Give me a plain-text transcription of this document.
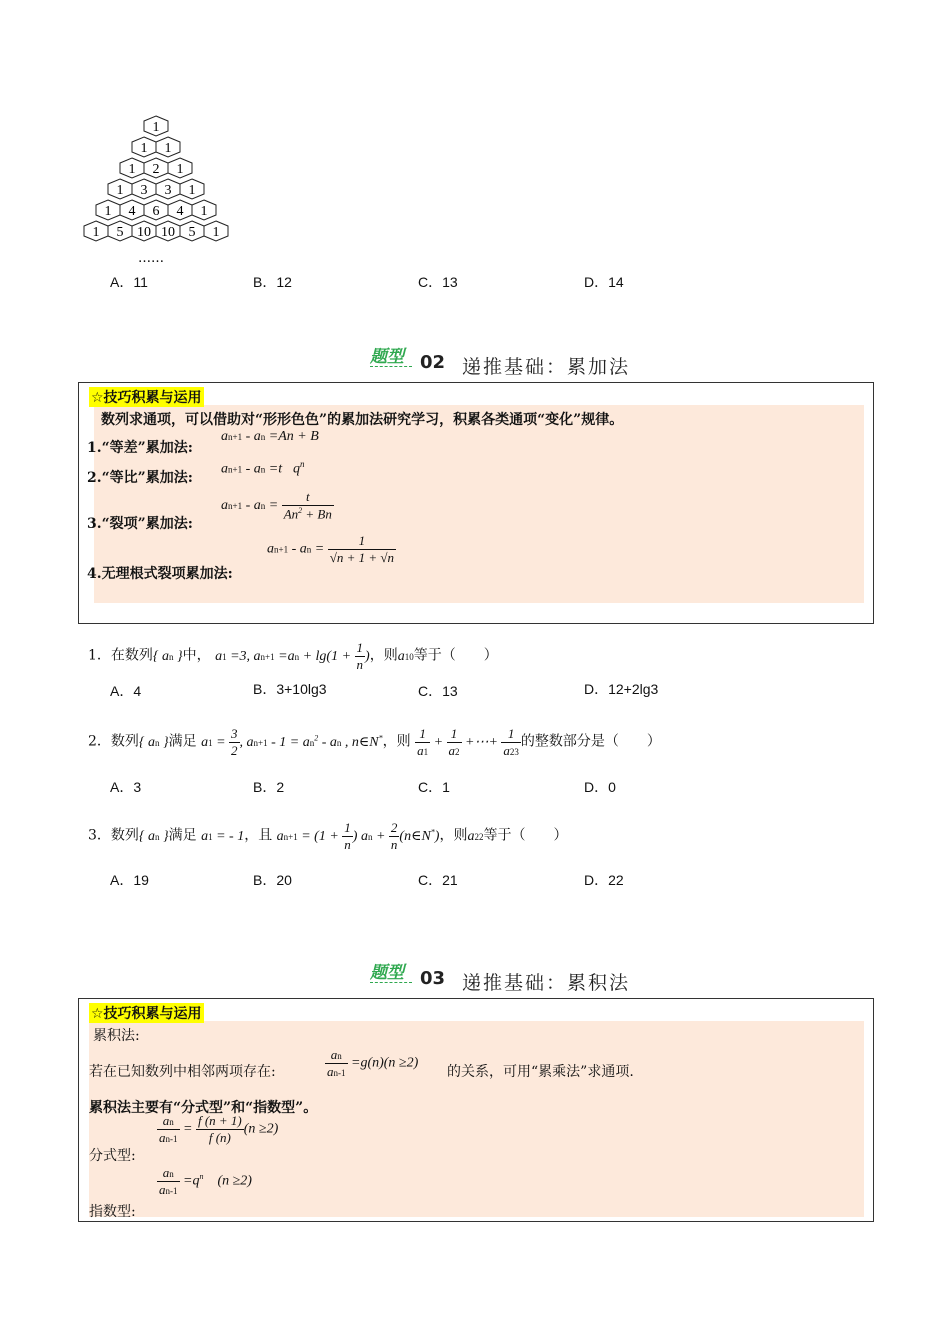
1
1 1
1 2 1
1 3 3 1
1 4 6 4 1
1 5 10 10 5 1
……
A．11	B．12	C．13	D．14
题型 02 递推基础：累加法
☆技巧积累与运用
数列求通项，可以借助对“形形色色”的累加法研究学习，积累各类通项“变化”规律。
1.“等差”累加法:
an+1 - an =An + B
2.“等比”累加法:
an+1 - an $=t􀀀q^n$
3.“裂项”累加法:
an+1 - an = $\frac{t}{An^2 + Bn}$
4.无理根式裂项累加法:
an+1 - an = $\frac{1}{√n + 1 + √n}$
1．在数列{ an }中， a1 =3, $an+1 =an + \lg(1 + \frac{1}{n}$ )，则a10等于（　　）
A．4	B．3+10lg3	C．13	D．12+2lg3
2．数列{ an }满足 $a1 = \frac{3}{2}$ , $an+1 - 1 = an^2$ - an , n∈N*，则 $\frac{1}{a1} + \frac{1}{a2}$ +⋯+ $\frac{1}{a23}$ 的整数部分是（　　）
A．3	B．2	C．1	D．0
3．数列{ an }满足 a1 = - 1，且 $an+1 = (1 + \frac{1}{n}$ ) an + $\frac{2}{n}$ (n∈N*)，则a22等于（　　）
A．19	B．20	C．21	D．22
题型 03 递推基础：累积法
☆技巧积累与运用
累积法:
若在已知数列中相邻两项存在:	$\frac{an}{an-1} =g(n)(n \ge 2)$
的关系，可用“累乘法”求通项.
累积法主要有“分式型”和“指数型”。
$\frac{an}{an-1} = \frac{f (n + 1)}{f (n)} (n \ge 2)$
分式型:
$\frac{an}{an-1} =q^n$　(n ≥2)
指数型:
